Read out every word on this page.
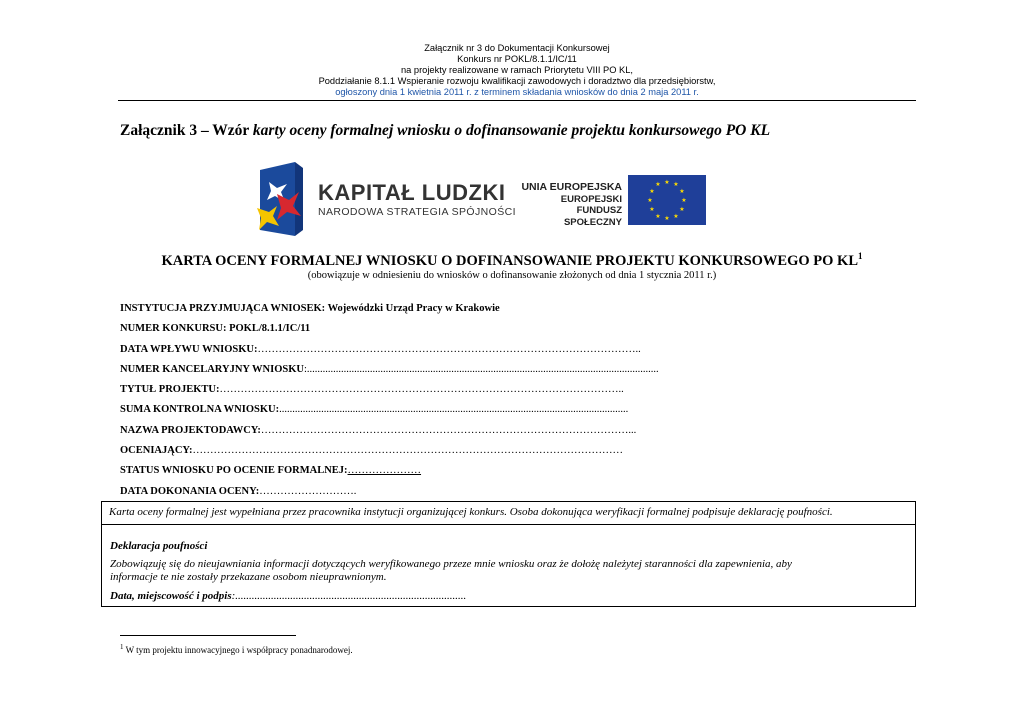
Załącznik nr 3 do Dokumentacji Konkursowej
Konkurs nr POKL/8.1.1/IC/11
na projekty realizowane w ramach Priorytetu VIII PO KL,
Poddziałanie 8.1.1 Wspieranie rozwoju kwalifikacji zawodowych i doradztwo dla przedsiębiorstw,
ogłoszony dnia 1 kwietnia 2011 r. z terminem składania wniosków do dnia 2 maja 2011 r.
Załącznik 3 – Wzór karty oceny formalnej wniosku o dofinansowanie projektu konkursowego PO KL
KAPITAŁ LUDZKI
NARODOWA STRATEGIA SPÓJNOŚCI
★ ★
★
★
★
★
★
★
★
★
★
★
UNIA EUROPEJSKA
EUROPEJSKI
FUNDUSZ SPOŁECZNY
KARTA OCENY FORMALNEJ WNIOSKU O DOFINANSOWANIE PROJEKTU KONKURSOWEGO PO $KL^1$
(obowiązuje w odniesieniu do wniosków o dofinansowanie złożonych od dnia 1 stycznia 2011 r.)
INSTYTUCJA PRZYJMUJĄCA WNIOSEK: Wojewódzki Urząd Pracy w Krakowie
NUMER KONKURSU: POKL/8.1.1/IC/11
DATA WPŁYWU WNIOSKU:………………………………………………………………………………………………..
NUMER KANCELARYJNY WNIOSKU:......................................................................................................................................
TYTUŁ PROJEKTU:……………………………………………………………………………………………………..
SUMA KONTROLNA WNIOSKU:.....................................................................................................................................
NAZWA PROJEKTODAWCY:……………………………………………………………………………………………...
OCENIAJĄCY:……………………………………………………………………………………………………………
STATUS WNIOSKU PO OCENIE FORMALNEJ:…………………
DATA DOKONANIA OCENY:……………………….
Karta oceny formalnej jest wypełniana przez pracownika instytucji organizującej konkurs. Osoba dokonująca weryfikacji formalnej podpisuje deklarację poufności.
Deklaracja poufności
Zobowiązuję się do nieujawniania informacji dotyczących weryfikowanego przeze mnie wniosku oraz że dołożę należytej staranności dla zapewnienia, aby
informacje te nie zostały przekazane osobom nieuprawnionym.
Data, miejscowość i podpis:....................................................................................
$^1$ W tym projektu innowacyjnego i współpracy ponadnarodowej.
